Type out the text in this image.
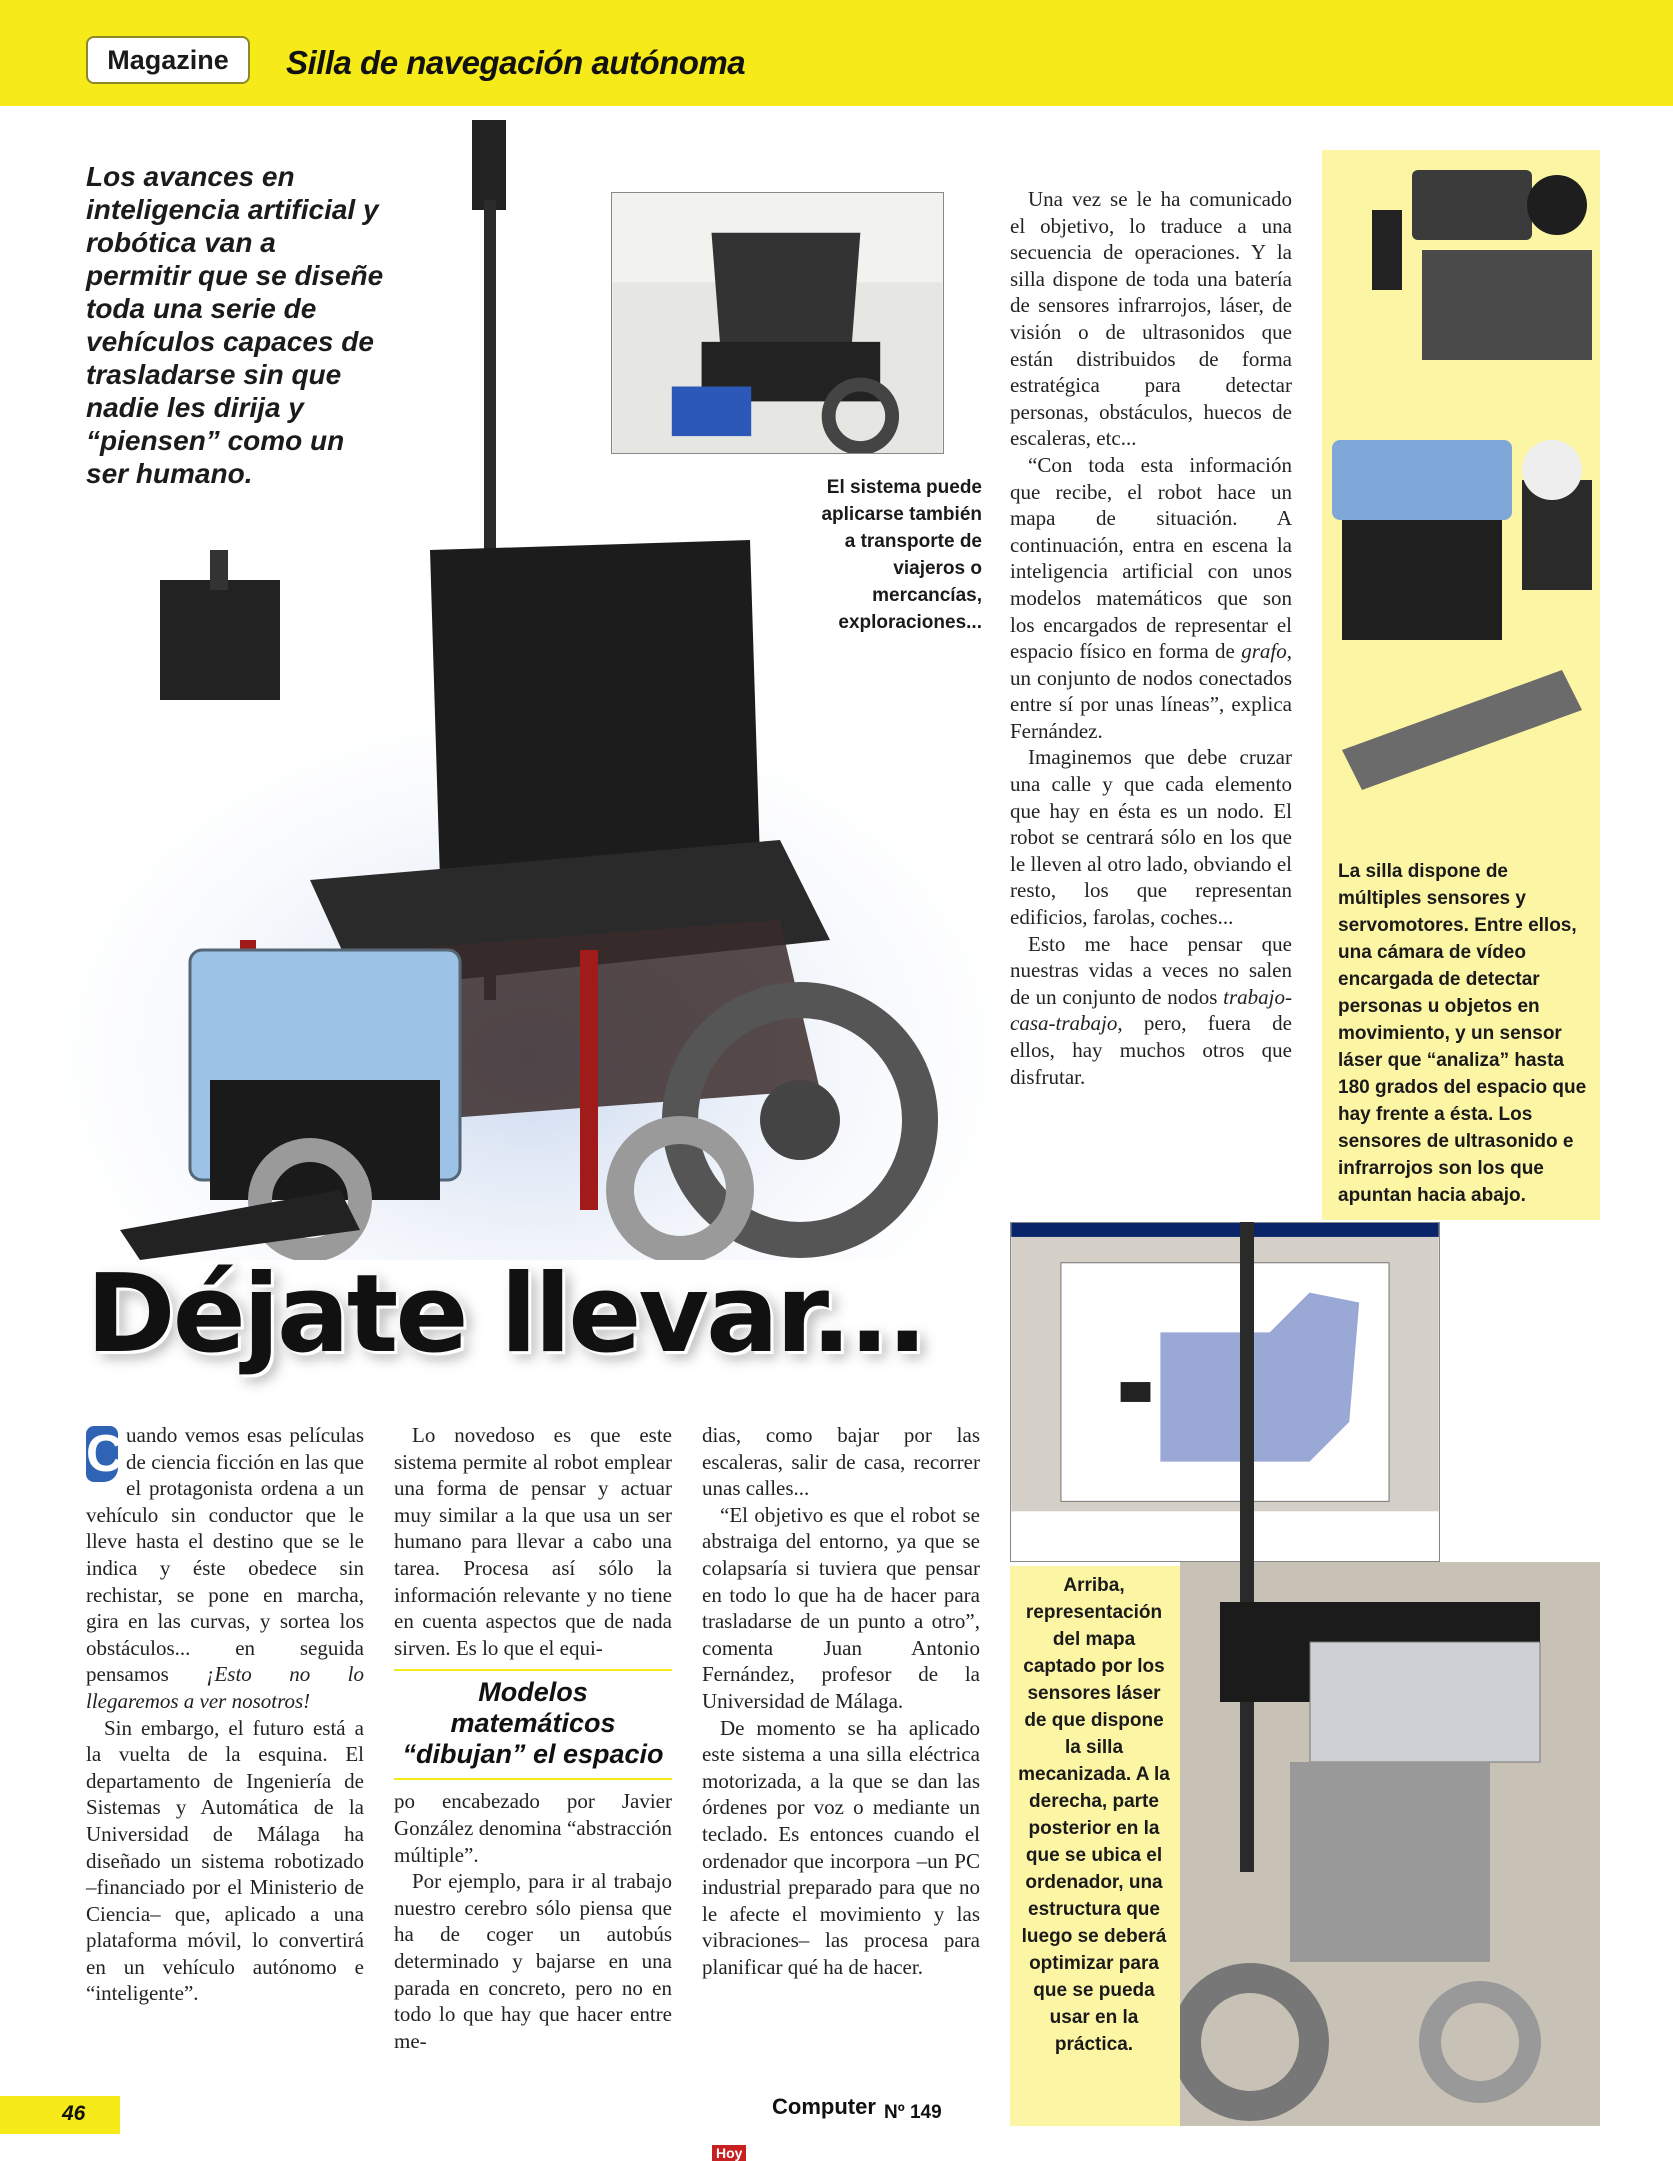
Magazine	Silla de navegación autónoma
Los avances en inteligencia artificial y robótica van a permitir que se diseñe toda una serie de vehículos capaces de trasladarse sin que nadie les dirija y “piensen” como un ser humano.	El sistema puede aplicarse también a transporte de viajeros o mercancías, exploraciones...
La silla dispone de múltiples sensores y servomotores. Entre ellos, una cámara de vídeo encargada de detectar personas u objetos en movimiento, y un sensor láser que “analiza” hasta 180 grados del espacio que hay frente a ésta. Los sensores de ultrasonido e infrarrojos son los que apuntan hacia abajo.
Arriba, representación del mapa captado por los sensores láser de que dispone la silla mecanizada. A la derecha, parte posterior en la que se ubica el ordenador, una estructura que luego se deberá optimizar para que se pueda usar en la práctica.

Una vez se le ha comunicado el objetivo, lo traduce a una secuencia de operaciones. Y la silla dispone de toda una batería de sensores infrarrojos, láser, de visión o de ultrasonidos que están distribuidos de forma estratégica para detectar personas, obstáculos, huecos de escaleras, etc...

“Con toda esta información que recibe, el robot hace un mapa de situación. A continuación, entra en escena la inteligencia artificial con unos modelos matemáticos que son los encargados de representar el espacio físico en forma de grafo, un conjunto de nodos conectados entre sí por unas líneas”, explica Fernández.

Imaginemos que debe cruzar una calle y que cada elemento que hay en ésta es un nodo. El robot se centrará sólo en los que le lleven al otro lado, obviando el resto, los que representan edificios, farolas, coches...

Esto me hace pensar que nuestras vidas a veces no salen de un conjunto de nodos trabajo-casa-trabajo, pero, fuera de ellos, hay muchos otros que disfrutar.

Déjate llevar...

C uando vemos esas películas de ciencia ficción en las que el protagonista ordena a un vehículo sin conductor que le lleve hasta el destino que se le indica y éste obedece sin rechistar, se pone en marcha, gira en las curvas, y sortea los obstáculos... en seguida pensamos ¡Esto no lo llegaremos a ver nosotros!

Sin embargo, el futuro está a la vuelta de la esquina. El departamento de Ingeniería de Sistemas y Automática de la Universidad de Málaga ha diseñado un sistema robotizado –financiado por el Ministerio de Ciencia– que, aplicado a una plataforma móvil, lo convertirá en un vehículo autónomo e “inteligente”.

Lo novedoso es que este sistema permite al robot emplear una forma de pensar y actuar muy similar a la que usa un ser humano para llevar a cabo una tarea. Procesa así sólo la información relevante y no tiene en cuenta aspectos que de nada sirven. Es lo que el equi-

Modelos matemáticos “dibujan” el espacio

po encabezado por Javier González denomina “abstracción múltiple”.

Por ejemplo, para ir al trabajo nuestro cerebro sólo piensa que ha de coger un autobús determinado y bajarse en una parada en concreto, pero no en todo lo que hay que hacer entre me-

dias, como bajar por las escaleras, salir de casa, recorrer unas calles...

“El objetivo es que el robot se abstraiga del entorno, ya que se colapsaría si tuviera que pensar en todo lo que ha de hacer para trasladarse de un punto a otro”, comenta Juan Antonio Fernández, profesor de la Universidad de Málaga.

De momento se ha aplicado este sistema a una silla eléctrica motorizada, a la que se dan las órdenes por voz o mediante un teclado. Es entonces cuando el ordenador que incorpora –un PC industrial preparado para que no le afecte el movimiento y las vibraciones– las procesa para planificar qué ha de hacer.

46	Computer Hoy
Nº 149
